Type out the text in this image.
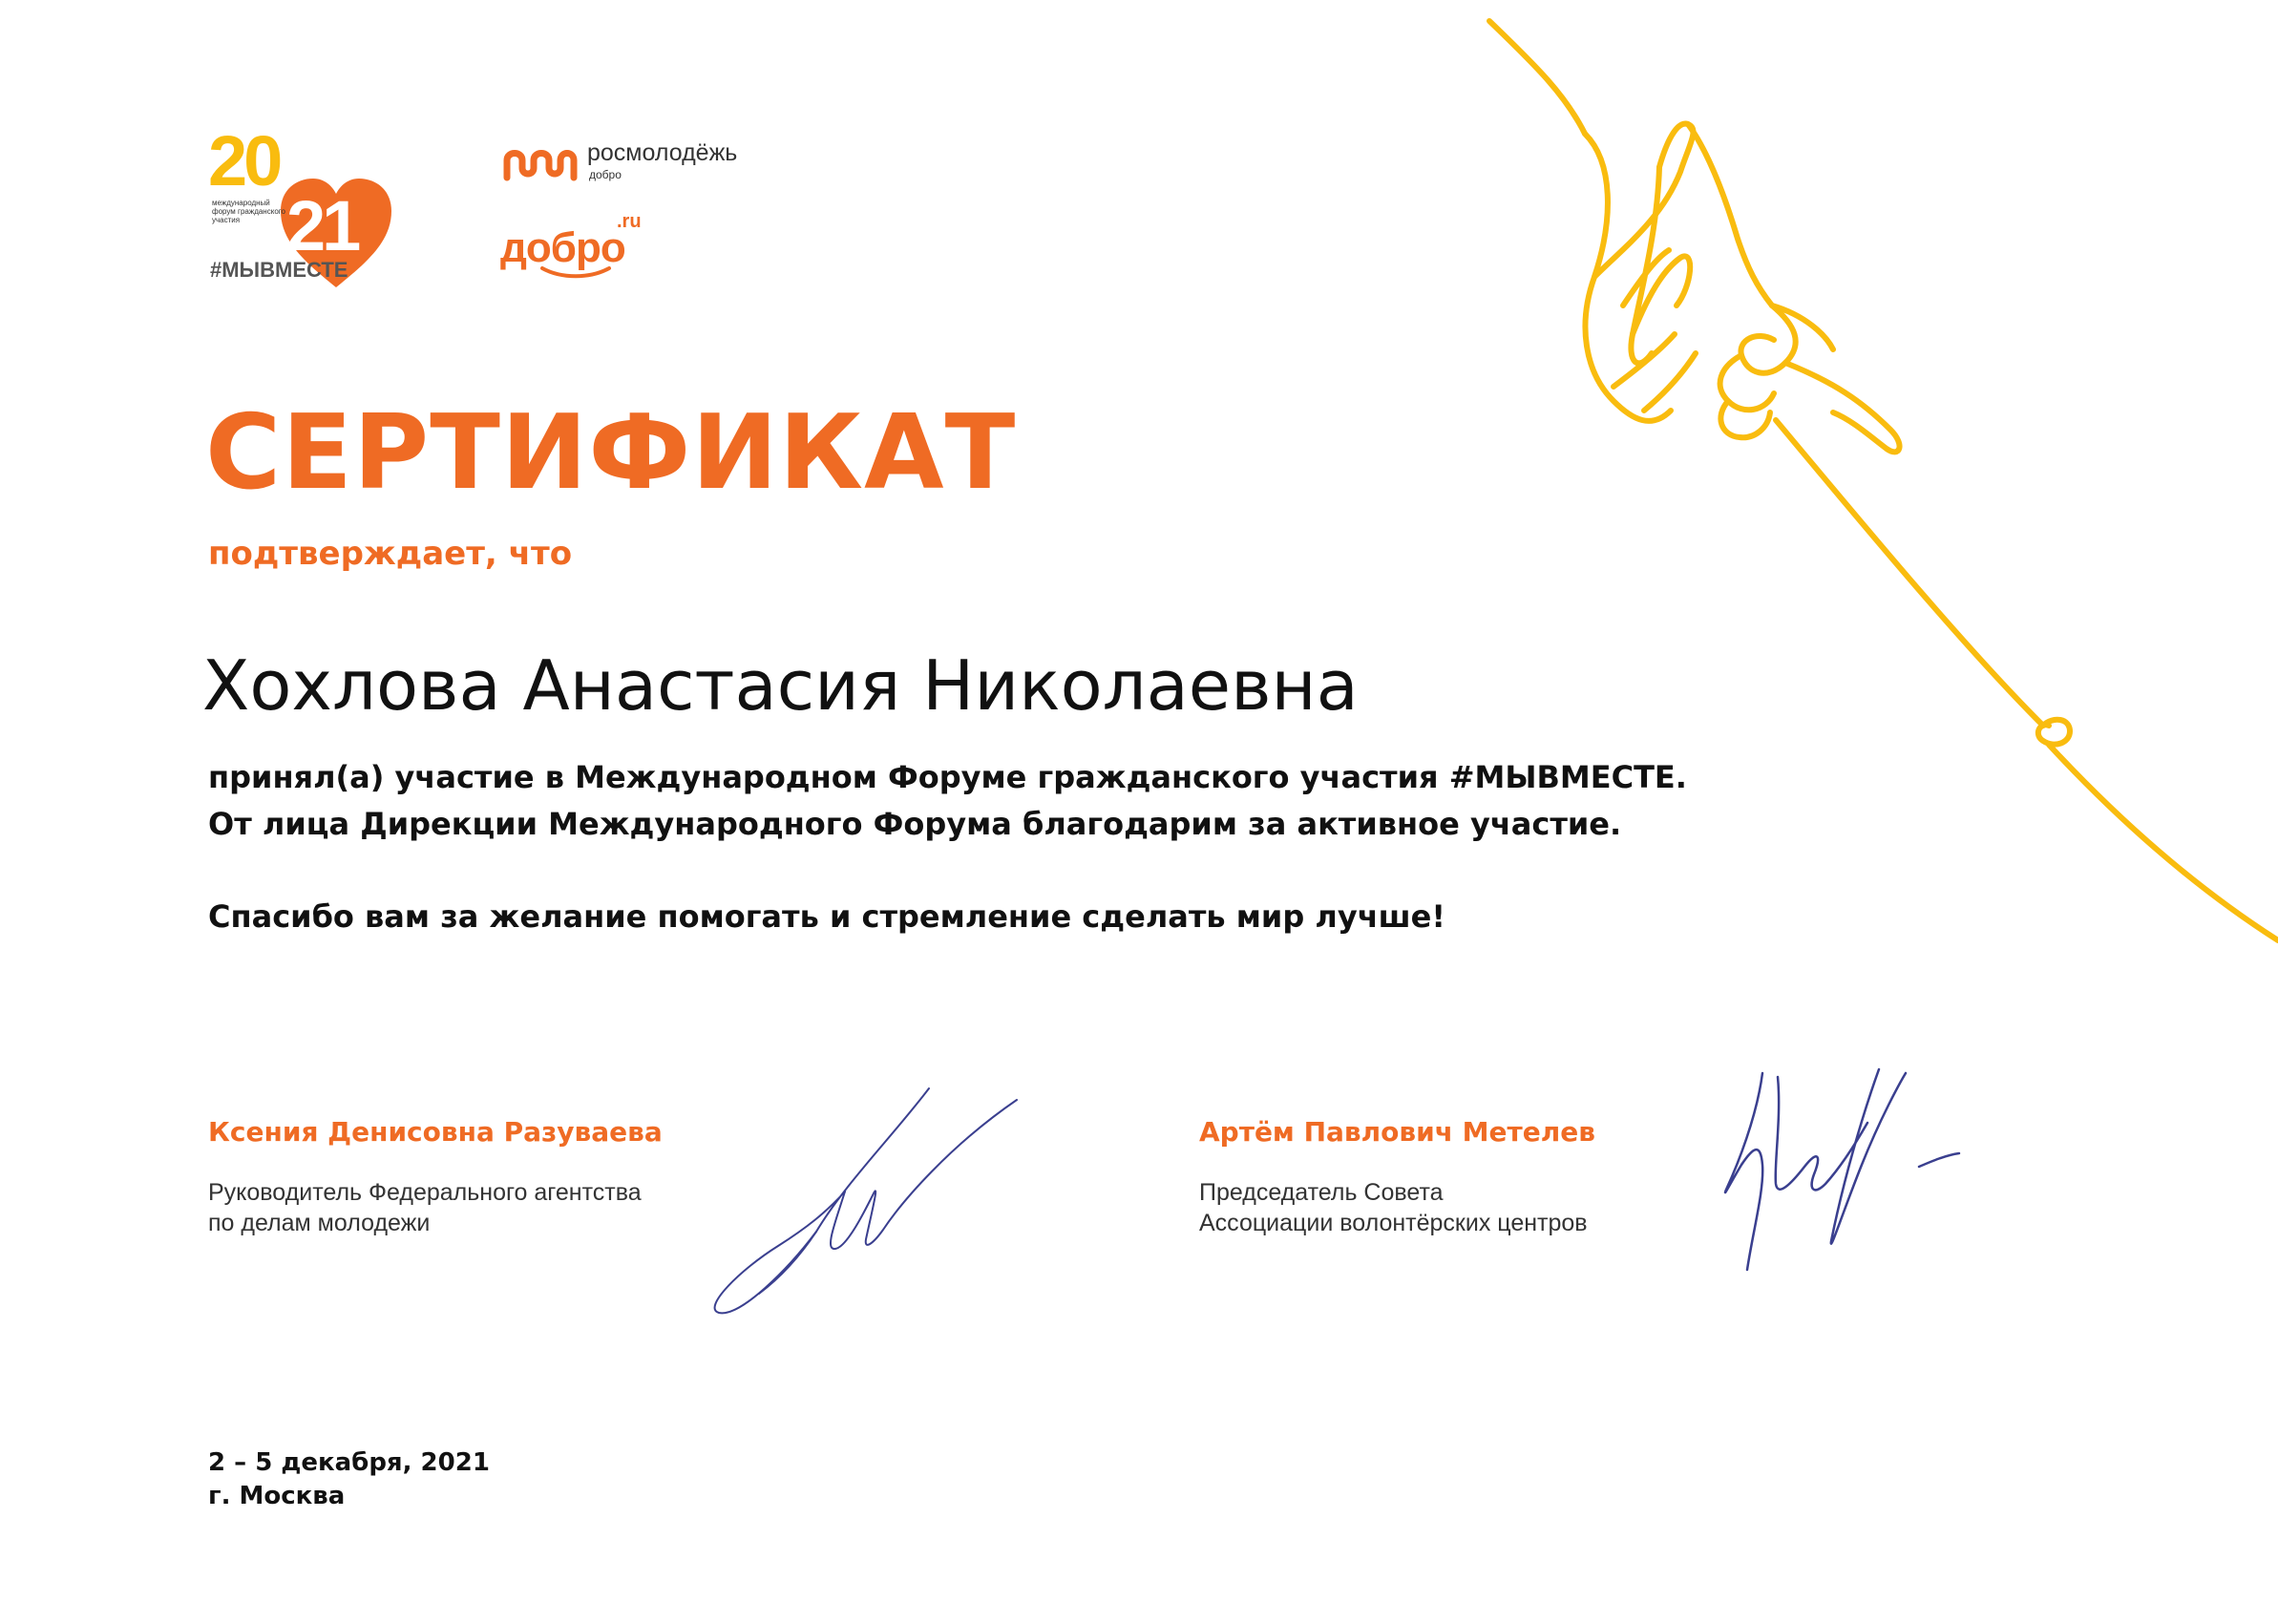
20
21
международный форум гражданского участия
#МЫВМЕСТЕ
росмолодёжь
добро
добро
.ru
СЕРТИФИКАТ
подтверждает, что
Хохлова Анастасия Николаевна
принял(а) участие в Международном Форуме гражданского участия #МЫВМЕСТЕ.
От лица Дирекции Международного Форума благодарим за активное участие.
Спасибо вам за желание помогать и стремление сделать мир лучше!
Ксения Денисовна Разуваева
Руководитель Федерального агентства
по делам молодежи
Артём Павлович Метелев
Председатель Совета
Ассоциации волонтёрских центров
2 – 5 декабря, 2021
г. Москва
